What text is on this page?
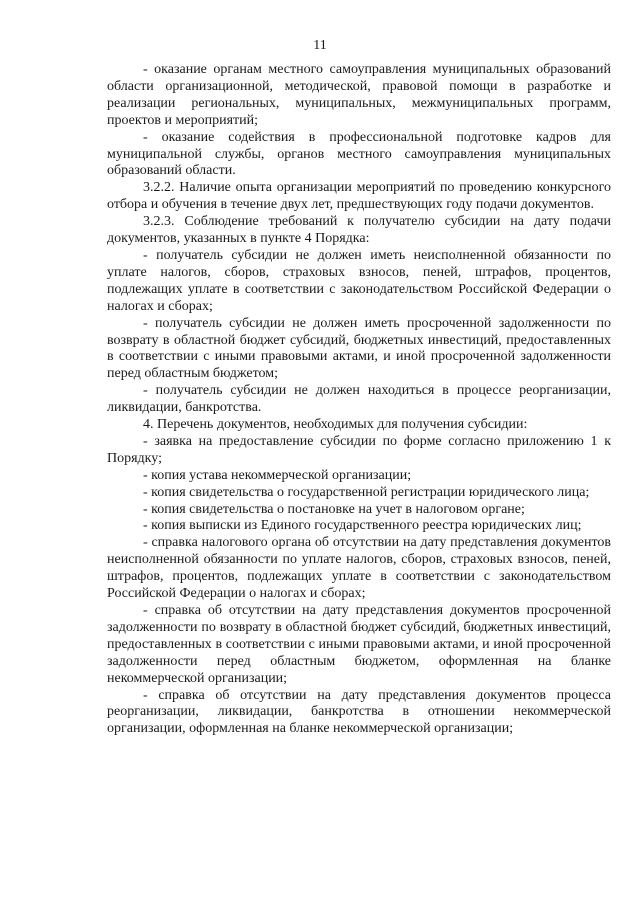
11

- оказание органам местного самоуправления муниципальных образований области организационной, методической, правовой помощи в разработке и реализации региональных, муниципальных, межмуниципальных программ, проектов и мероприятий;

- оказание содействия в профессиональной подготовке кадров для муниципальной службы, органов местного самоуправления муниципальных образований области.

3.2.2. Наличие опыта организации мероприятий по проведению конкурсного отбора и обучения в течение двух лет, предшествующих году подачи документов.

3.2.3. Соблюдение требований к получателю субсидии на дату подачи документов, указанных в пункте 4 Порядка:

- получатель субсидии не должен иметь неисполненной обязанности по уплате налогов, сборов, страховых взносов, пеней, штрафов, процентов, подлежащих уплате в соответствии с законодательством Российской Федерации о налогах и сборах;

- получатель субсидии не должен иметь просроченной задолженности по возврату в областной бюджет субсидий, бюджетных инвестиций, предоставленных в соответствии с иными правовыми актами, и иной просроченной задолженности перед областным бюджетом;

- получатель субсидии не должен находиться в процессе реорганизации, ликвидации, банкротства.

4. Перечень документов, необходимых для получения субсидии:

- заявка на предоставление субсидии по форме согласно приложению 1 к Порядку;

- копия устава некоммерческой организации;

- копия свидетельства о государственной регистрации юридического лица;

- копия свидетельства о постановке на учет в налоговом органе;

- копия выписки из Единого государственного реестра юридических лиц;

- справка налогового органа об отсутствии на дату представления документов неисполненной обязанности по уплате налогов, сборов, страховых взносов, пеней, штрафов, процентов, подлежащих уплате в соответствии с законодательством Российской Федерации о налогах и сборах;

- справка об отсутствии на дату представления документов просроченной задолженности по возврату в областной бюджет субсидий, бюджетных инвестиций, предоставленных в соответствии с иными правовыми актами, и иной просроченной задолженности перед областным бюджетом, оформленная на бланке некоммерческой организации;

- справка об отсутствии на дату представления документов процесса реорганизации, ликвидации, банкротства в отношении некоммерческой организации, оформленная на бланке некоммерческой организации;
